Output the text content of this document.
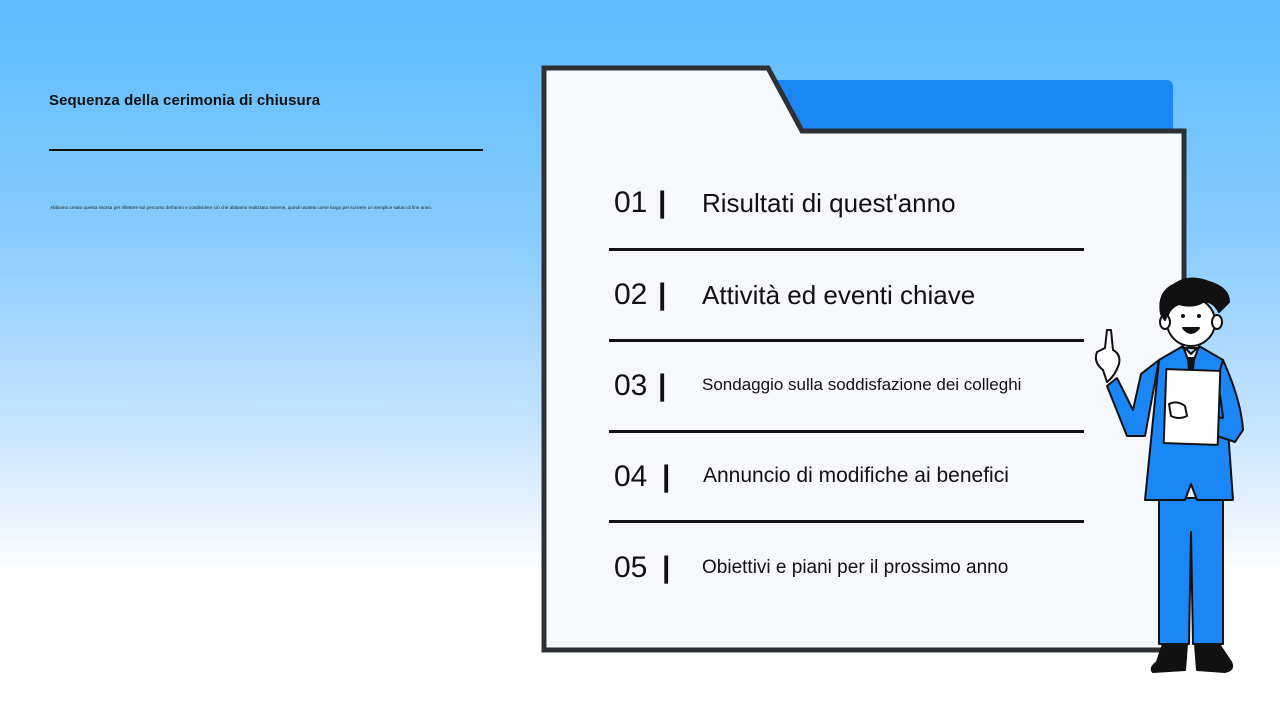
Sequenza della cerimonia di chiusura
Abbiamo creato questa risorsa per riflettere sul percorso dell'anno e condividere ciò che abbiamo realizzato insieme, quindi usatela come luogo per scrivere un semplice saluto di fine anno.	01 | Risultati di quest'anno
02 | Attività ed eventi chiave
03 | Sondaggio sulla soddisfazione dei colleghi
04 | Annuncio di modifiche ai benefici
05 | Obiettivi e piani per il prossimo anno
